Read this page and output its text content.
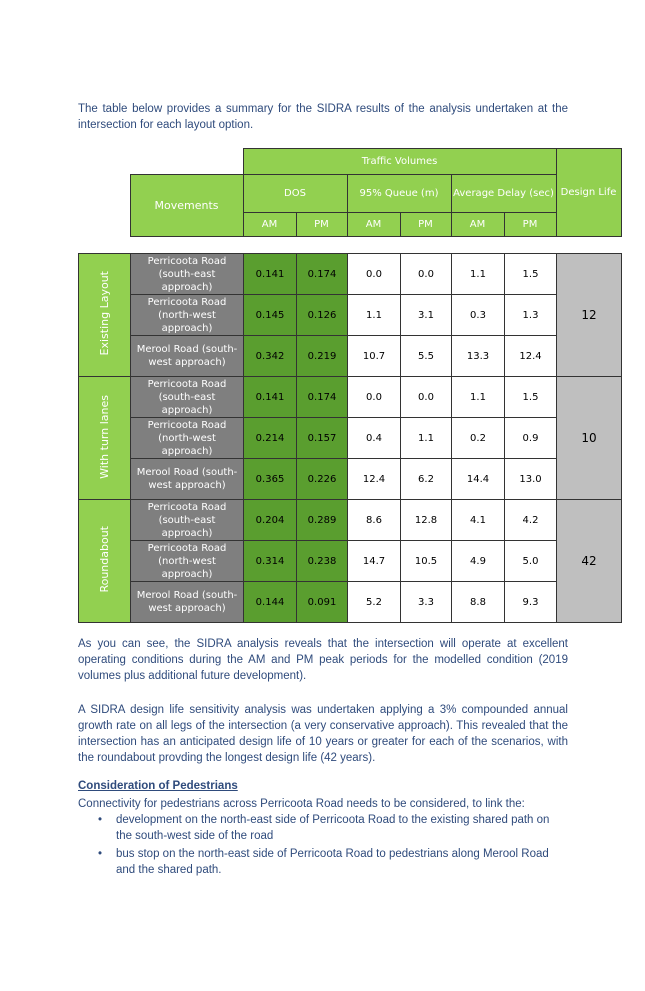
The table below provides a summary for the SIDRA results of the analysis undertaken at the intersection for each layout option.

		Traffic Volumes						Design Life
	Movements	DOS		95% Queue (m)		Average Delay (sec)		
		AM	PM	AM	PM	AM	PM	
Existing Layout	Perricoota Road (south-east approach)	0.141	0.174	0.0	0.0	1.1	1.5	12
	Perricoota Road (north-west approach)	0.145	0.126	1.1	3.1	0.3	1.3	
	Merool Road (south-west approach)	0.342	0.219	10.7	5.5	13.3	12.4	
With turn lanes	Perricoota Road (south-east approach)	0.141	0.174	0.0	0.0	1.1	1.5	10
	Perricoota Road (north-west approach)	0.214	0.157	0.4	1.1	0.2	0.9	
	Merool Road (south-west approach)	0.365	0.226	12.4	6.2	14.4	13.0	
Roundabout	Perricoota Road (south-east approach)	0.204	0.289	8.6	12.8	4.1	4.2	42
	Perricoota Road (north-west approach)	0.314	0.238	14.7	10.5	4.9	5.0	
	Merool Road (south-west approach)	0.144	0.091	5.2	3.3	8.8	9.3	

As you can see, the SIDRA analysis reveals that the intersection will operate at excellent operating conditions during the AM and PM peak periods for the modelled condition (2019 volumes plus additional future development).

A SIDRA design life sensitivity analysis was undertaken applying a 3% compounded annual growth rate on all legs of the intersection (a very conservative approach). This revealed that the intersection has an anticipated design life of 10 years or greater for each of the scenarios, with the roundabout provding the longest design life (42 years).

Consideration of Pedestrians

Connectivity for pedestrians across Perricoota Road needs to be considered, to link the:

• development on the north-east side of Perricoota Road to the existing shared path on the south-west side of the road
• bus stop on the north-east side of Perricoota Road to pedestrians along Merool Road and the shared path.
